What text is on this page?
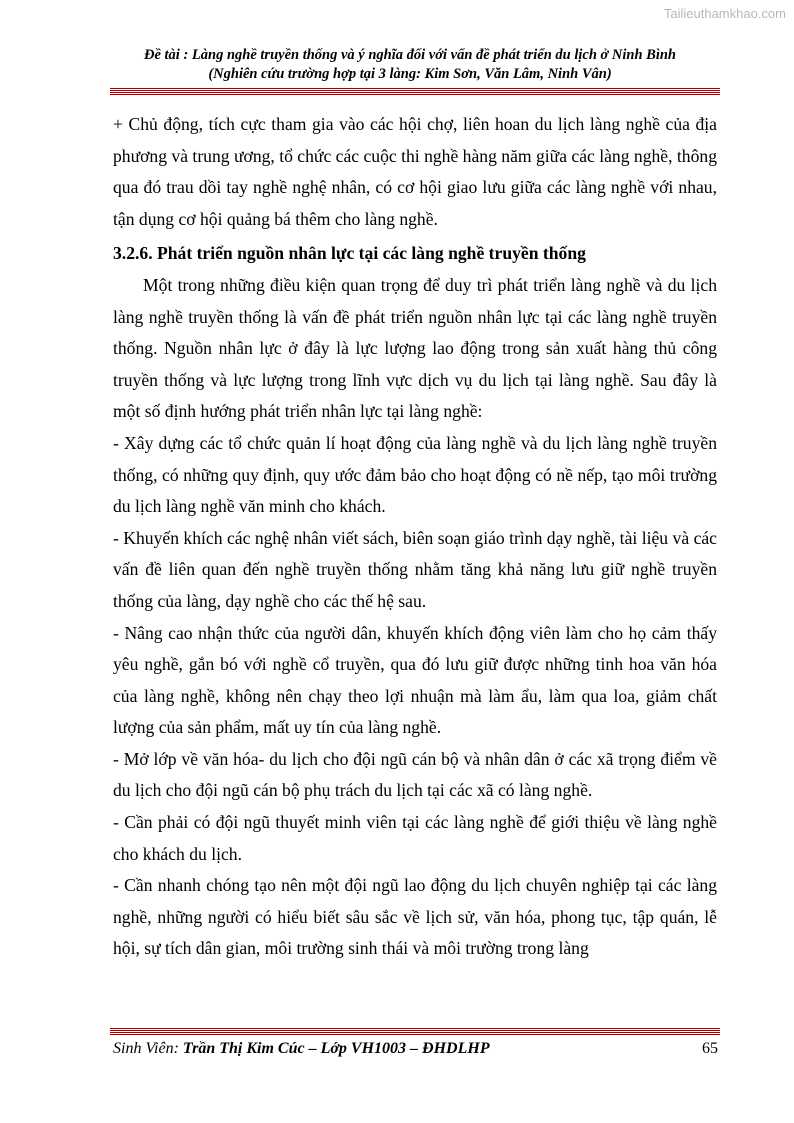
Tailieuthamkhao.com
Đề tài : Làng nghề truyền thống và ý nghĩa đối với vấn đề phát triển du lịch ở Ninh Bình
(Nghiên cứu trường hợp tại 3 làng: Kim Sơn, Văn Lâm, Ninh Vân)

+ Chủ động, tích cực tham gia vào các hội chợ, liên hoan du lịch làng nghề của địa phương và trung ương, tổ chức các cuộc thi nghề hàng năm giữa các làng nghề, thông qua đó trau dồi tay nghề nghệ nhân, có cơ hội giao lưu giữa các làng nghề với nhau, tận dụng cơ hội quảng bá thêm cho làng nghề.

3.2.6. Phát triển nguồn nhân lực tại các làng nghề truyền thống

Một trong những điều kiện quan trọng để duy trì phát triển làng nghề và du lịch làng nghề truyền thống là vấn đề phát triển nguồn nhân lực tại các làng nghề truyền thống. Nguồn nhân lực ở đây là lực lượng lao động trong sản xuất hàng thủ công truyền thống và lực lượng trong lĩnh vực dịch vụ du lịch tại làng nghề. Sau đây là một số định hướng phát triển nhân lực tại làng nghề:

- Xây dựng các tổ chức quản lí hoạt động của làng nghề và du lịch làng nghề truyền thống, có những quy định, quy ước đảm bảo cho hoạt động có nề nếp, tạo môi trường du lịch làng nghề văn minh cho khách.

- Khuyến khích các nghệ nhân viết sách, biên soạn giáo trình dạy nghề, tài liệu và các vấn đề liên quan đến nghề truyền thống nhằm tăng khả năng lưu giữ nghề truyền thống của làng, dạy nghề cho các thế hệ sau.

- Nâng cao nhận thức của người dân, khuyến khích động viên làm cho họ cảm thấy yêu nghề, gắn bó với nghề cổ truyền, qua đó lưu giữ được những tinh hoa văn hóa của làng nghề, không nên chạy theo lợi nhuận mà làm ẩu, làm qua loa, giảm chất lượng của sản phẩm, mất uy tín của làng nghề.

- Mở lớp về văn hóa- du lịch cho đội ngũ cán bộ và nhân dân ở các xã trọng điểm về du lịch cho đội ngũ cán bộ phụ trách du lịch tại các xã có làng nghề.

- Cần phải có đội ngũ thuyết minh viên tại các làng nghề để giới thiệu về làng nghề cho khách du lịch.

- Cần nhanh chóng tạo nên một đội ngũ lao động du lịch chuyên nghiệp tại các làng nghề, những người có hiểu biết sâu sắc về lịch sử, văn hóa, phong tục, tập quán, lễ hội, sự tích dân gian, môi trường sinh thái và môi trường trong làng

Sinh Viên: Trần Thị Kim Cúc – Lớp VH1003 – ĐHDLHP	65
